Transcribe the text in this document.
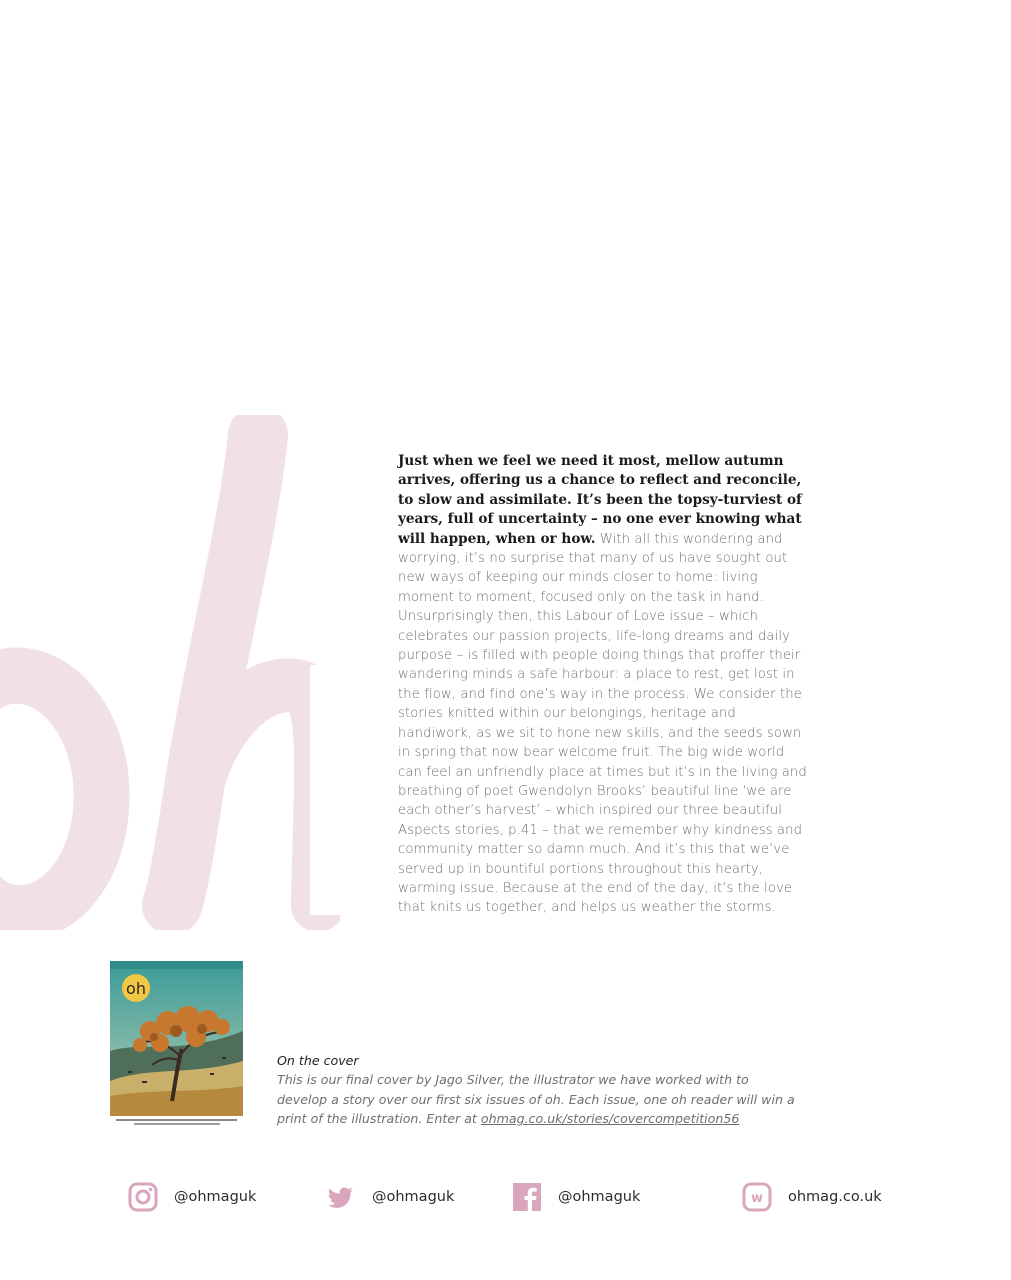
Just when we feel we need it most, mellow autumn arrives, offering us a chance to reflect and reconcile, to slow and assimilate. It’s been the topsy-turviest of years, full of uncertainty – no one ever knowing what will happen, when or how. With all this wondering and worrying, it’s no surprise that many of us have sought out new ways of keeping our minds closer to home: living moment to moment, focused only on the task in hand. Unsurprisingly then, this Labour of Love issue – which celebrates our passion projects, life-long dreams and daily purpose – is filled with people doing things that proffer their wandering minds a safe harbour: a place to rest, get lost in the flow, and find one’s way in the process. We consider the stories knitted within our belongings, heritage and handiwork, as we sit to hone new skills, and the seeds sown in spring that now bear welcome fruit. The big wide world can feel an unfriendly place at times but it’s in the living and breathing of poet Gwendolyn Brooks’ beautiful line ‘we are each other’s harvest’ – which inspired our three beautiful Aspects stories, p.41 – that we remember why kindness and community matter so damn much. And it’s this that we’ve served up in bountiful portions throughout this hearty, warming issue. Because at the end of the day, it’s the love that knits us together, and helps us weather the storms.
oh
On the cover
This is our final cover by Jago Silver, the illustrator we have worked with to develop a story over our first six issues of oh. Each issue, one oh reader will win a print of the illustration. Enter at ohmag.co.uk/stories/covercompetition56
@ohmaguk	@ohmaguk	@ohmaguk	w ohmag.co.uk
